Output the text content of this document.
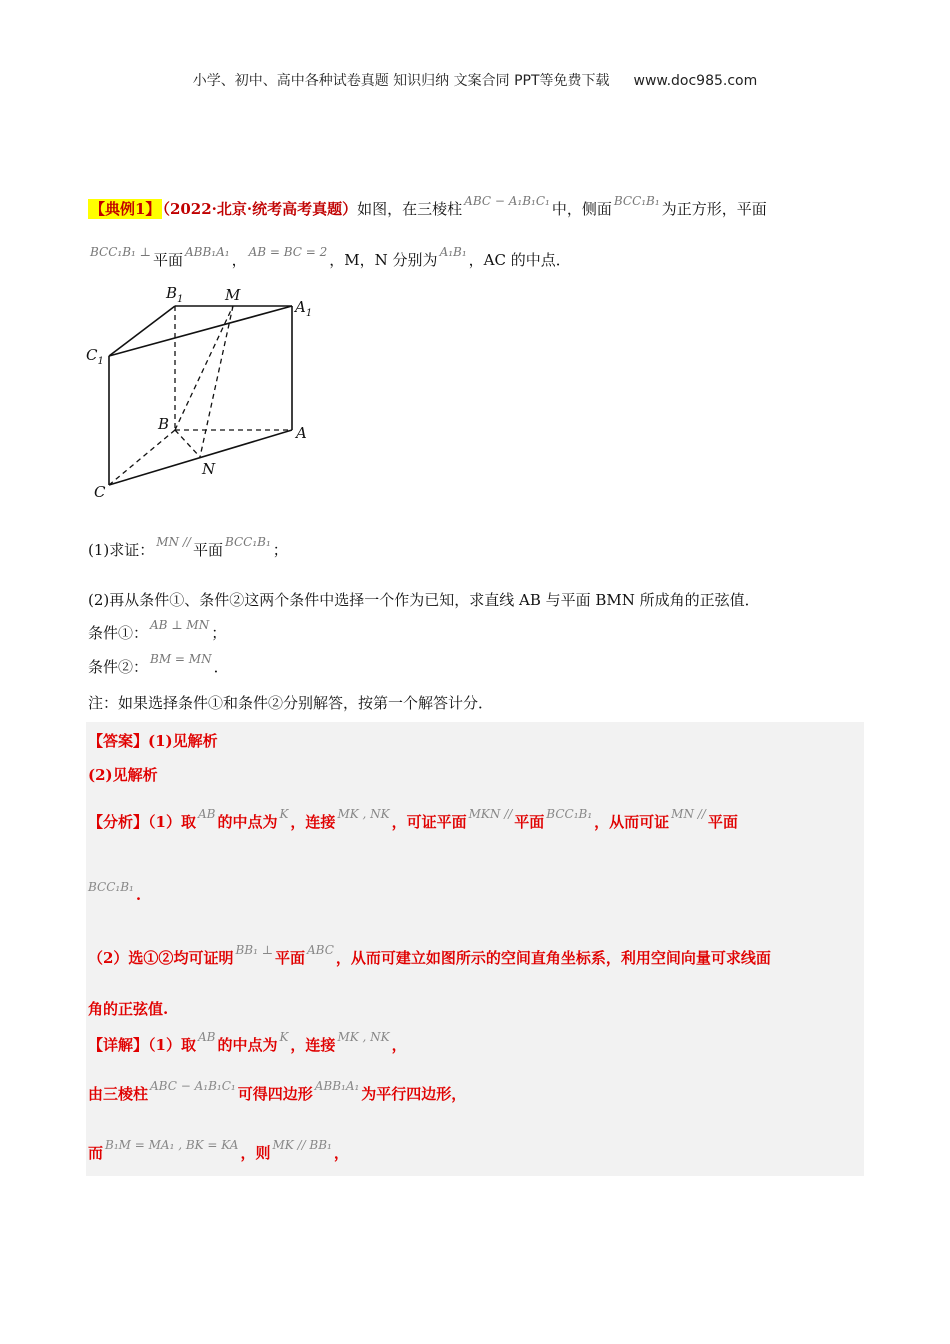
小学、初中、高中各种试卷真题 知识归纳 文案合同 PPT等免费下载 www.doc985.com
【典例1】 （2022·北京·统考高考真题）如图，在三棱柱 $^{ABC - A_1B_1C_1}$ 中，侧面 $^{BCC_1B_1}$ 为正方形，平面
$^{BCC_1B_1 \perp}$ 平面 $^{ABB_1A_1}$ ， $^{AB = BC = 2}$ ，M，N 分别为 $^{A_1B_1}$ ，AC 的中点．
$B_1$	M
$A_1$
$C_1$
B	A
N
C
(1)求证： $^{MN //}$ 平面 $^{BCC_1B_1}$ ；
(2)再从条件①、条件②这两个条件中选择一个作为已知，求直线 AB 与平面 BMN 所成角的正弦值．
条件①： $^{AB \perp MN}$ ；
条件②： $^{BM = MN}$ ．
注：如果选择条件①和条件②分别解答，按第一个解答计分．
【答案】(1)见解析
(2)见解析
【分析】（1）取 $^{AB}$ 的中点为 $^K$ ，连接 $^{MK , NK}$ ，可证平面 $^{MKN //}$ 平面 $^{BCC_1B_1}$ ，从而可证 $^{MN //}$ 平面
$^{BCC_1B_1}$ .
（2）选①②均可证明 $^{BB_1 \perp}$ 平面 $^{ABC}$ ，从而可建立如图所示的空间直角坐标系，利用空间向量可求线面
角的正弦值.
【详解】（1）取 $^{AB}$ 的中点为 $^K$ ，连接 $^{MK , NK}$ ，
由三棱柱 $^{ABC - A_1B_1C_1}$ 可得四边形 $^{ABB_1A_1}$ 为平行四边形，
而 $^{B_1M = MA_1 , BK = KA}$ ，则 $^{MK // BB_1}$ ，
